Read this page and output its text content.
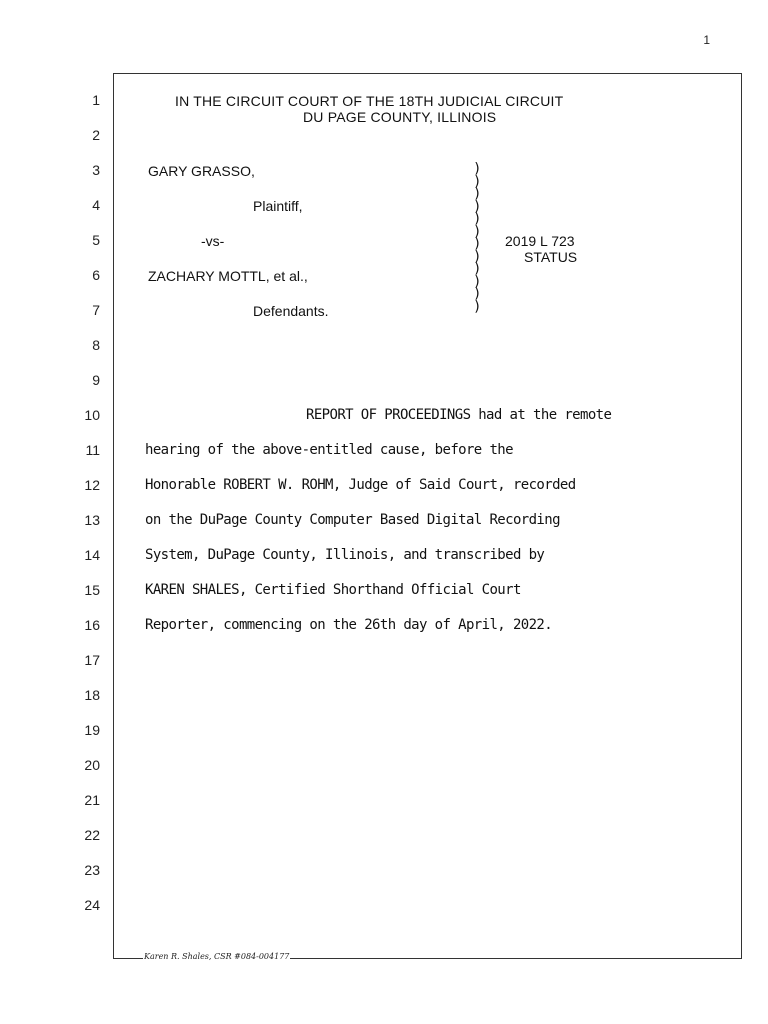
1
1
2
3
4
5
6
7
8
9
10
11
12
13
14
15
16
17
18
19
20
21
22
23
24
IN THE CIRCUIT COURT OF THE 18TH JUDICIAL CIRCUIT
DU PAGE COUNTY, ILLINOIS
GARY GRASSO,
Plaintiff,
-vs-
ZACHARY MOTTL, et al.,
Defendants.
)
)
)
)
)
)
)
)
)
)
)
)
2019 L 723
STATUS
REPORT OF PROCEEDINGS had at the remote
hearing of the above-entitled cause, before the
Honorable ROBERT W. ROHM, Judge of Said Court, recorded
on the DuPage County Computer Based Digital Recording
System, DuPage County, Illinois, and transcribed by
KAREN SHALES, Certified Shorthand Official Court
Reporter, commencing on the 26th day of April, 2022.
Karen R. Shales, CSR #084-004177
